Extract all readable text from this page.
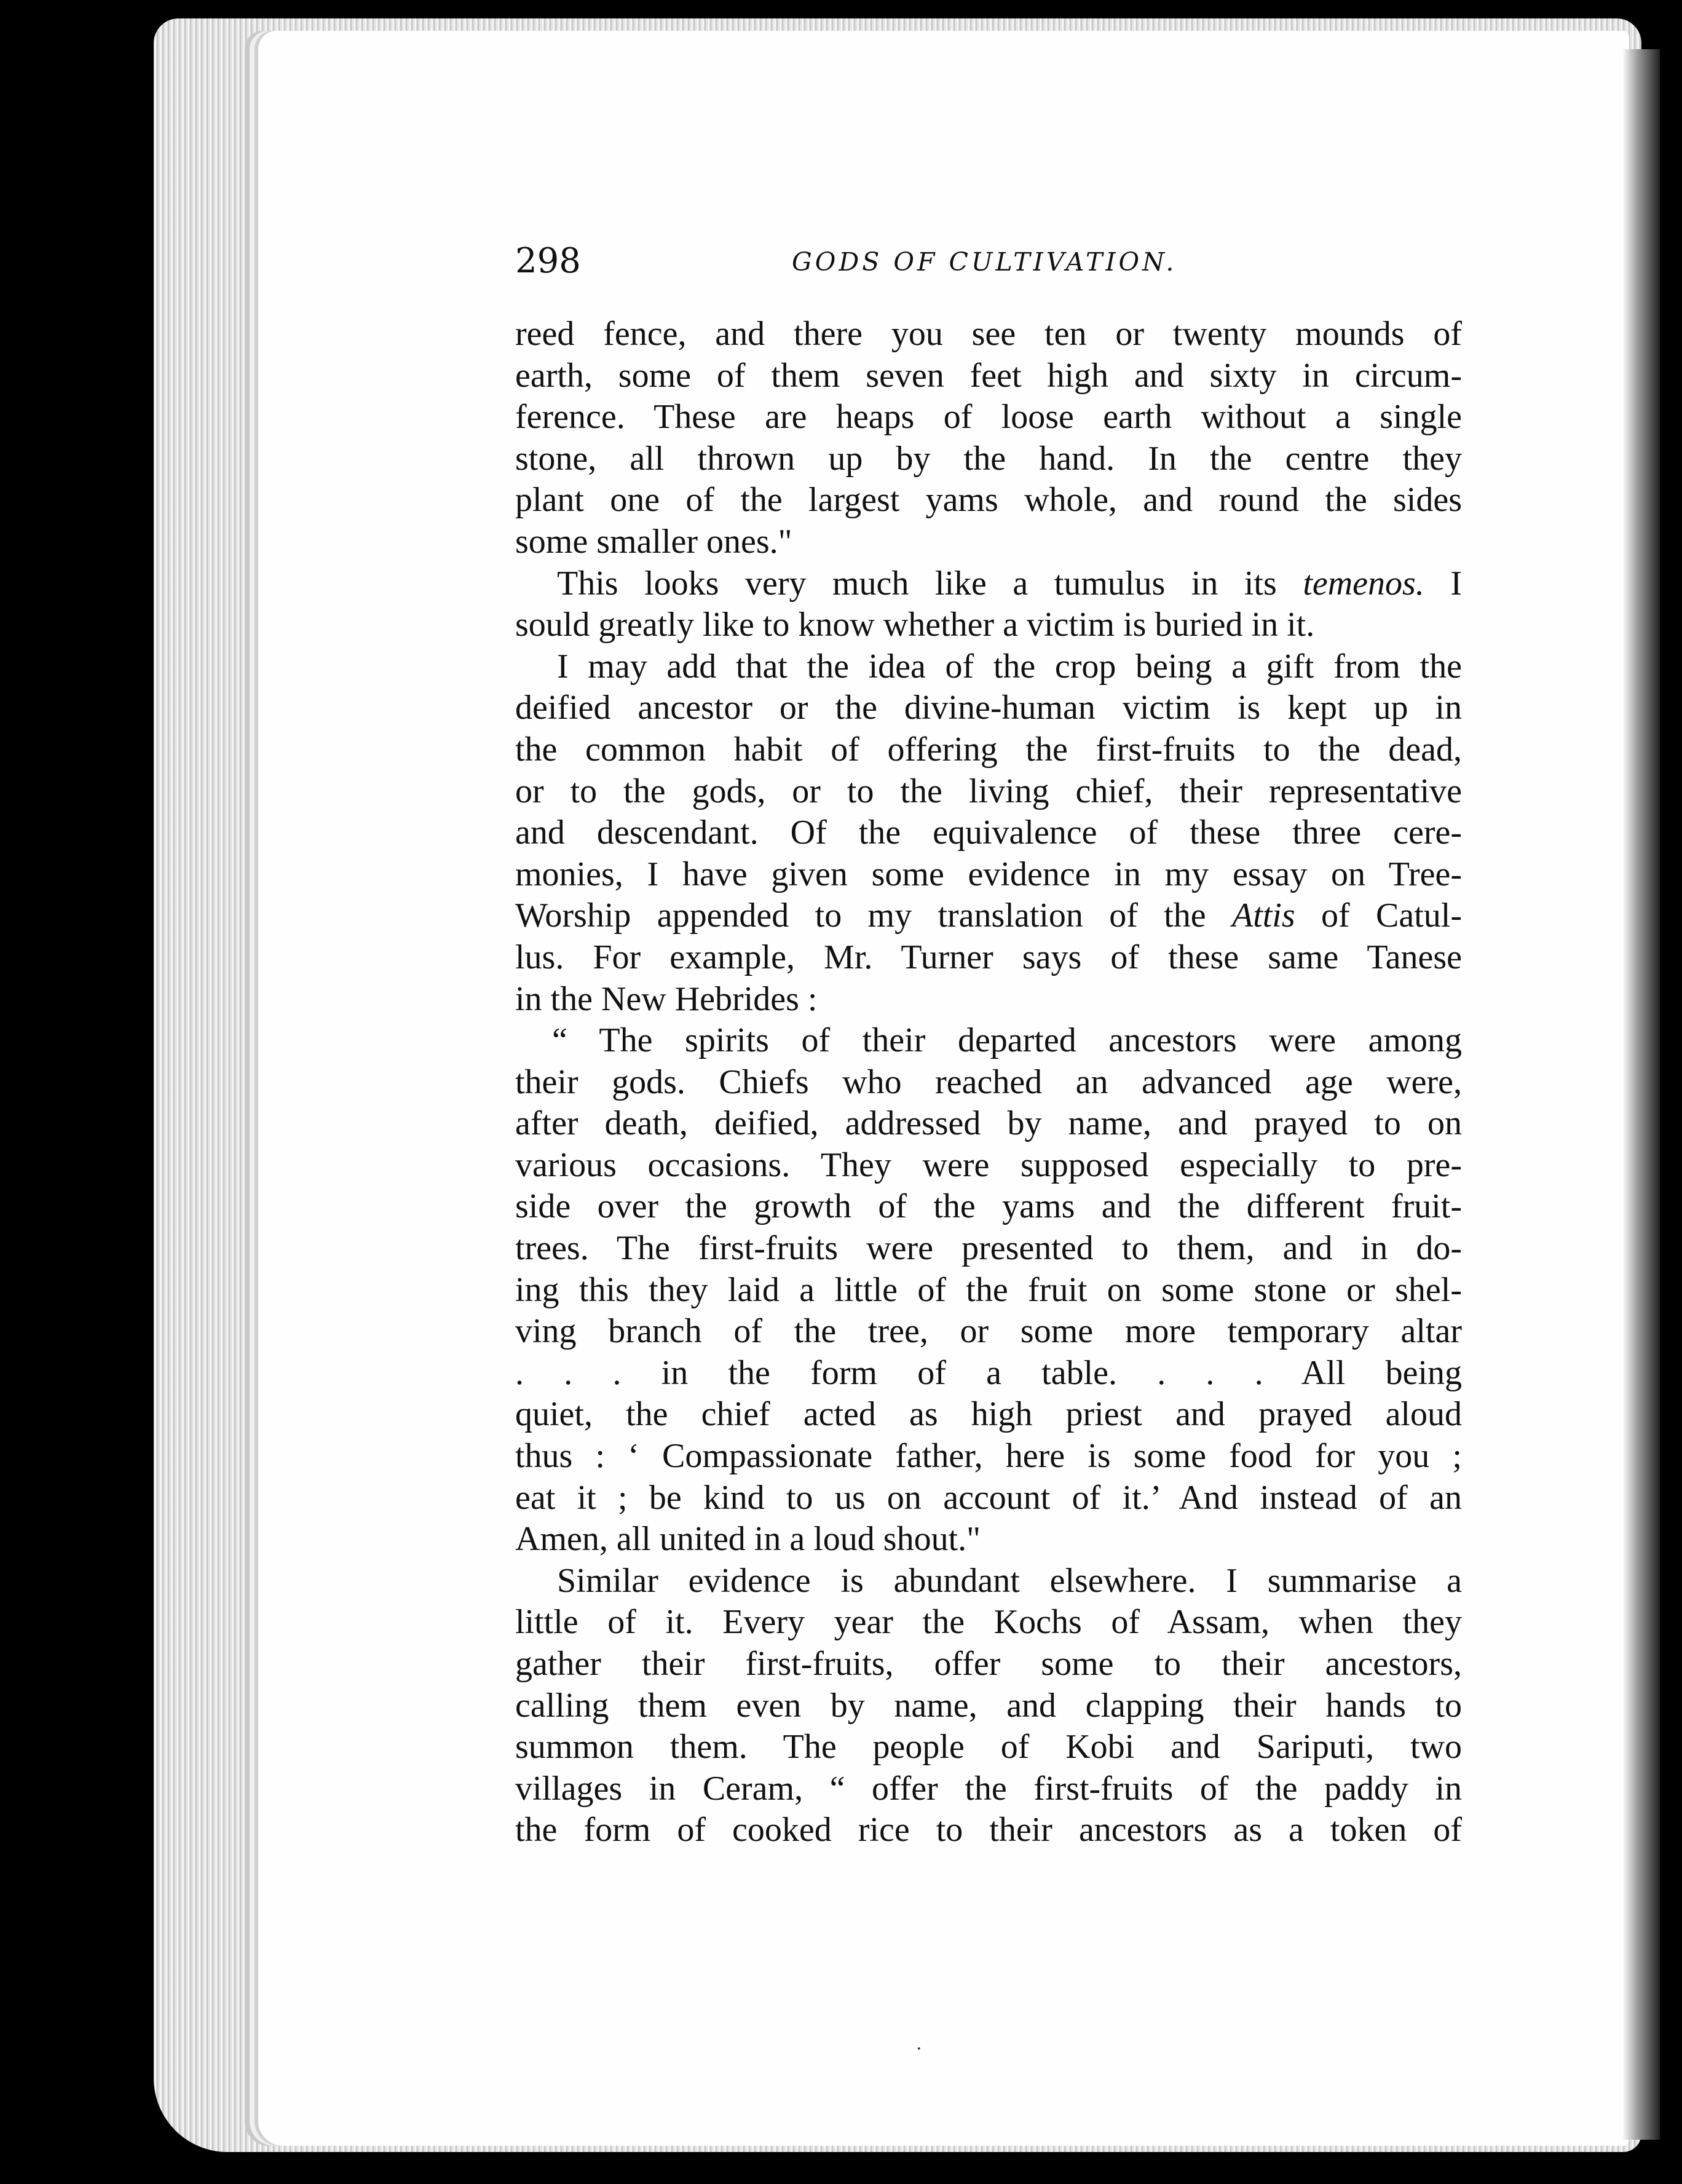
298	GODS OF CULTIVATION.
reed fence, and there you see ten or twenty mounds of
earth, some of them seven feet high and sixty in circum-
ference. These are heaps of loose earth without a single
stone, all thrown up by the hand. In the centre they
plant one of the largest yams whole, and round the sides
some smaller ones."
This looks very much like a tumulus in its temenos. I
sould greatly like to know whether a victim is buried in it.
I may add that the idea of the crop being a gift from the
deified ancestor or the divine-human victim is kept up in
the common habit of offering the first-fruits to the dead,
or to the gods, or to the living chief, their representative
and descendant. Of the equivalence of these three cere-
monies, I have given some evidence in my essay on Tree-
Worship appended to my translation of the Attis of Catul-
lus. For example, Mr. Turner says of these same Tanese
in the New Hebrides :
“ The spirits of their departed ancestors were among
their gods. Chiefs who reached an advanced age were,
after death, deified, addressed by name, and prayed to on
various occasions. They were supposed especially to pre-
side over the growth of the yams and the different fruit-
trees. The first-fruits were presented to them, and in do-
ing this they laid a little of the fruit on some stone or shel-
ving branch of the tree, or some more temporary altar
. . . in the form of a table. . . . All being
quiet, the chief acted as high priest and prayed aloud
thus : ‘ Compassionate father, here is some food for you ;
eat it ; be kind to us on account of it.’ And instead of an
Amen, all united in a loud shout."
Similar evidence is abundant elsewhere. I summarise a
little of it. Every year the Kochs of Assam, when they
gather their first-fruits, offer some to their ancestors,
calling them even by name, and clapping their hands to
summon them. The people of Kobi and Sariputi, two
villages in Ceram, “ offer the first-fruits of the paddy in
the form of cooked rice to their ancestors as a token of
·
